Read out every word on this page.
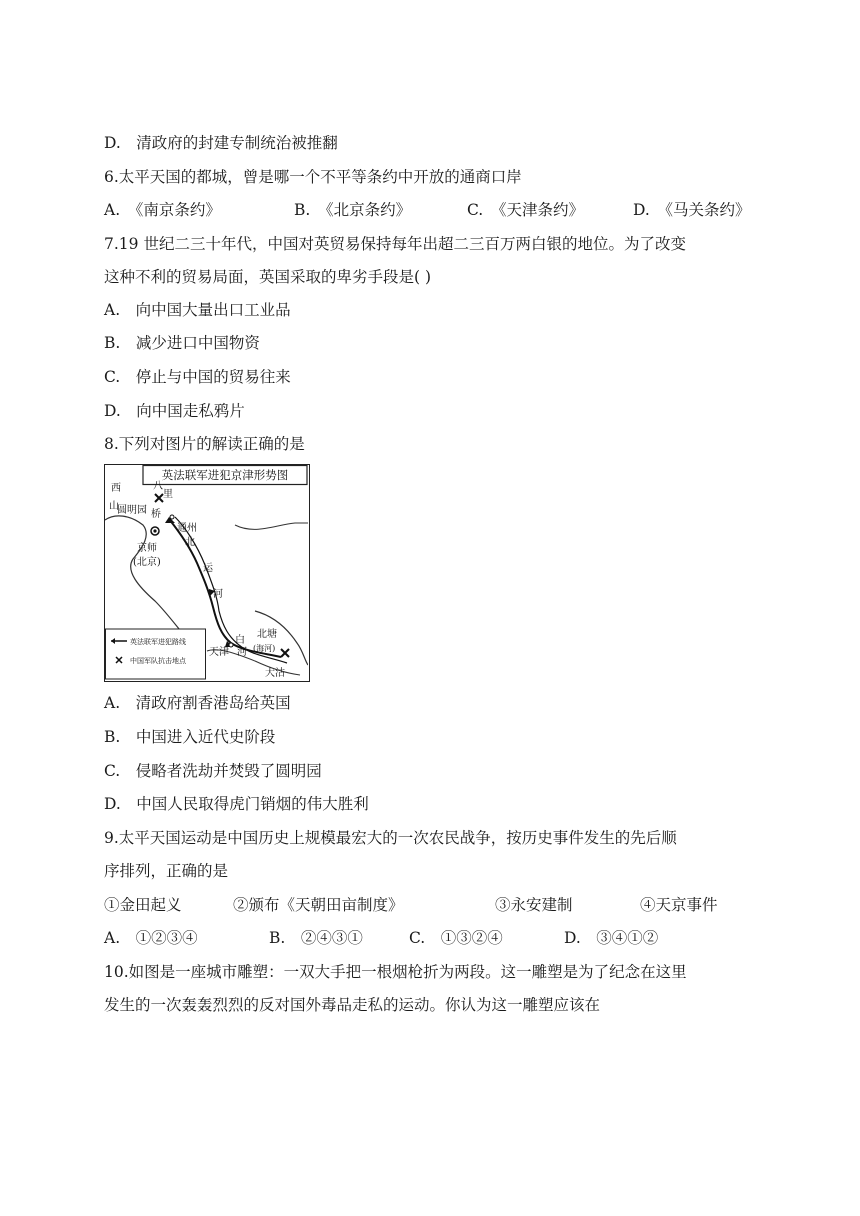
D.　清政府的封建专制统治被推翻
6.太平天国的都城，曾是哪一个不平等条约中开放的通商口岸
A.　《南京条约》	B.　《北京条约》	C.　《天津条约》	D.　《马关条约》
7.19 世纪二三十年代，中国对英贸易保持每年出超二三百万两白银的地位。为了改变
这种不利的贸易局面，英国采取的卑劣手段是( )
A.　向中国大量出口工业品
B.　减少进口中国物资
C.　停止与中国的贸易往来
D.　向中国走私鸦片
8.下列对图片的解读正确的是
英法联军进犯京津形势图
西
山
圆明园
八
里
桥
通州
北
京师
(北京)
运
河
白
河 (海河)
天津
北塘
大沽
英法联军进犯路线
中国军队抗击地点
A.　清政府割香港岛给英国
B.　中国进入近代史阶段
C.　侵略者洗劫并焚毁了圆明园
D.　中国人民取得虎门销烟的伟大胜利
9.太平天国运动是中国历史上规模最宏大的一次农民战争，按历史事件发生的先后顺
序排列，正确的是
①金田起义	②颁布《天朝田亩制度》	③永安建制	④天京事件
A.　①②③④	B.　②④③①	C.　①③②④	D.　③④①②
10.如图是一座城市雕塑：一双大手把一根烟枪折为两段。这一雕塑是为了纪念在这里
发生的一次轰轰烈烈的反对国外毒品走私的运动。你认为这一雕塑应该在
